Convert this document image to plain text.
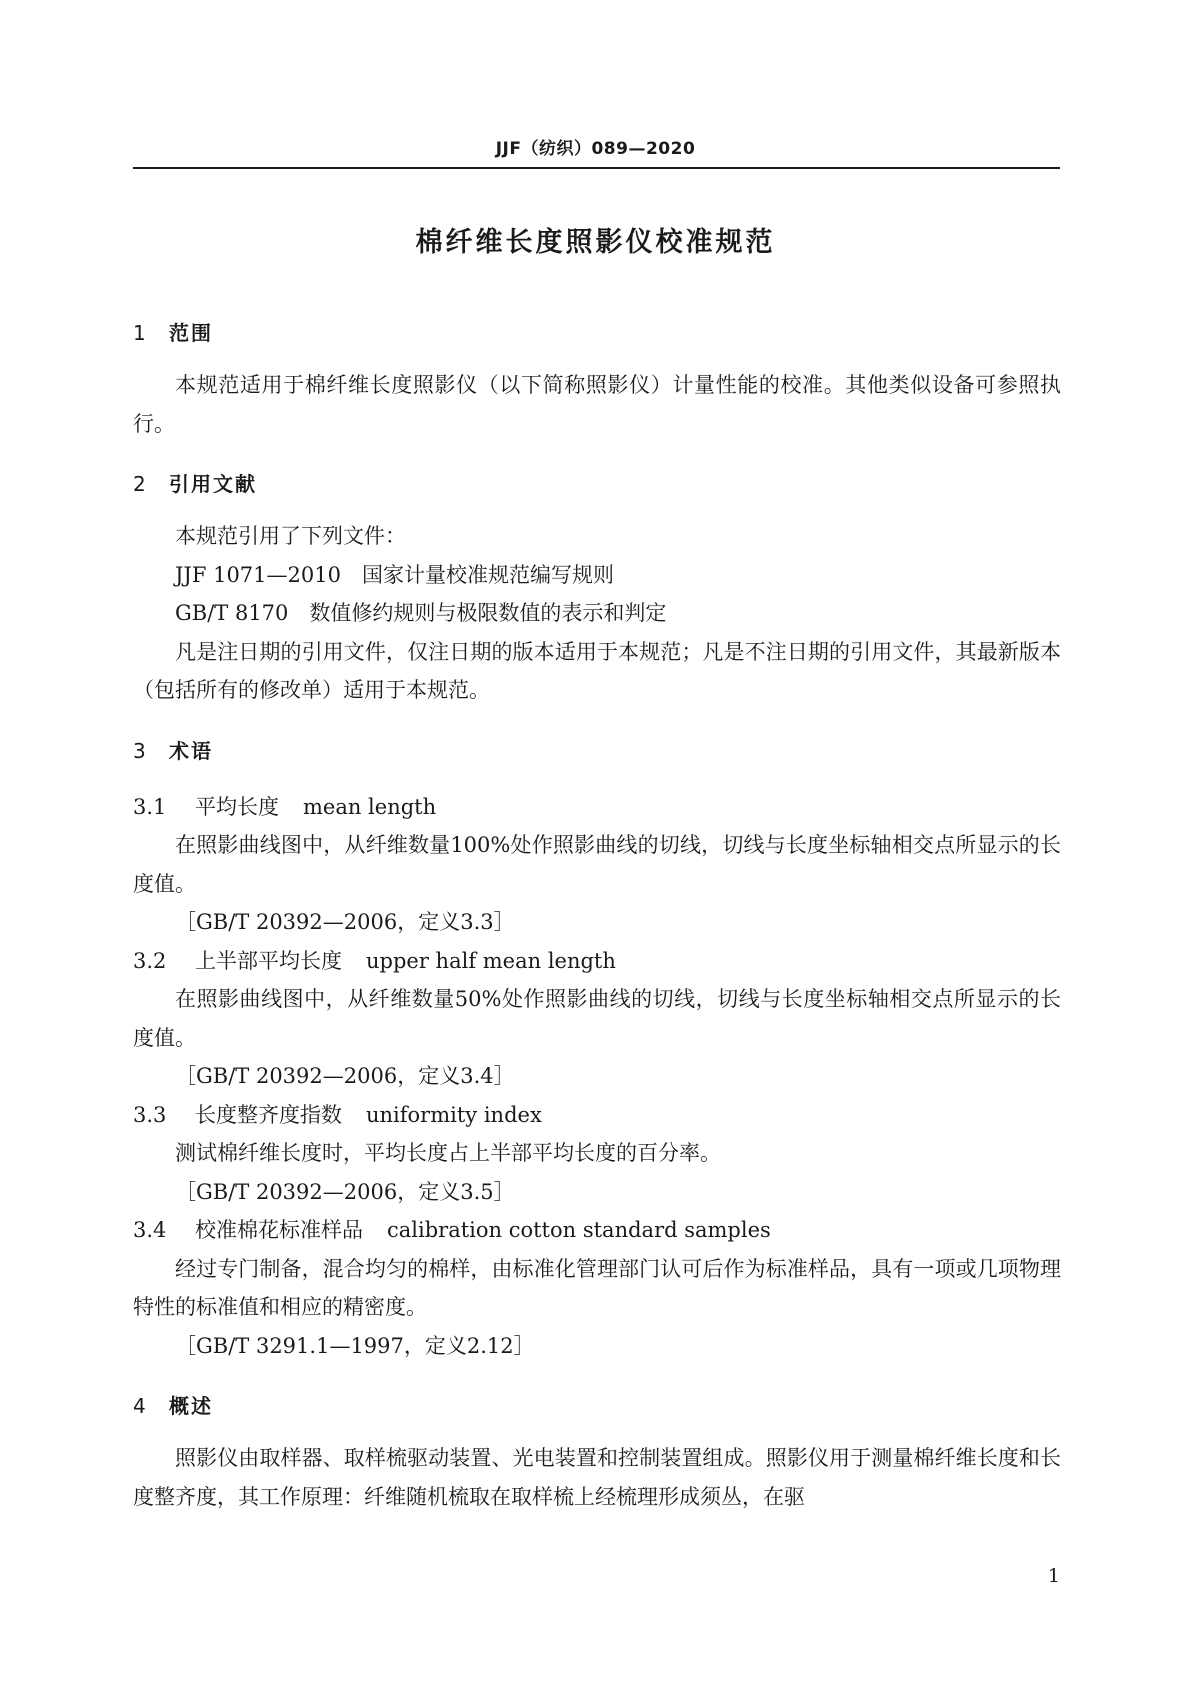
JJF（纺织）089—2020
棉纤维长度照影仪校准规范
1 范围

本规范适用于棉纤维长度照影仪（以下简称照影仪）计量性能的校准。其他类似设备可参照执行。

2 引用文献

本规范引用了下列文件：

JJF 1071—2010　国家计量校准规范编写规则

GB/T 8170　数值修约规则与极限数值的表示和判定

凡是注日期的引用文件，仅注日期的版本适用于本规范；凡是不注日期的引用文件，其最新版本（包括所有的修改单）适用于本规范。

3 术语
3.1 平均长度 mean length

在照影曲线图中，从纤维数量100%处作照影曲线的切线，切线与长度坐标轴相交点所显示的长度值。

［GB/T 20392—2006，定义3.3］

3.2 上半部平均长度 upper half mean length

在照影曲线图中，从纤维数量50%处作照影曲线的切线，切线与长度坐标轴相交点所显示的长度值。

［GB/T 20392—2006，定义3.4］

3.3 长度整齐度指数 uniformity index

测试棉纤维长度时，平均长度占上半部平均长度的百分率。

［GB/T 20392—2006，定义3.5］

3.4 校准棉花标准样品 calibration cotton standard samples

经过专门制备，混合均匀的棉样，由标准化管理部门认可后作为标准样品，具有一项或几项物理特性的标准值和相应的精密度。

［GB/T 3291.1—1997，定义2.12］

4 概述

照影仪由取样器、取样梳驱动装置、光电装置和控制装置组成。照影仪用于测量棉纤维长度和长度整齐度，其工作原理：纤维随机梳取在取样梳上经梳理形成须丛，在驱

1
